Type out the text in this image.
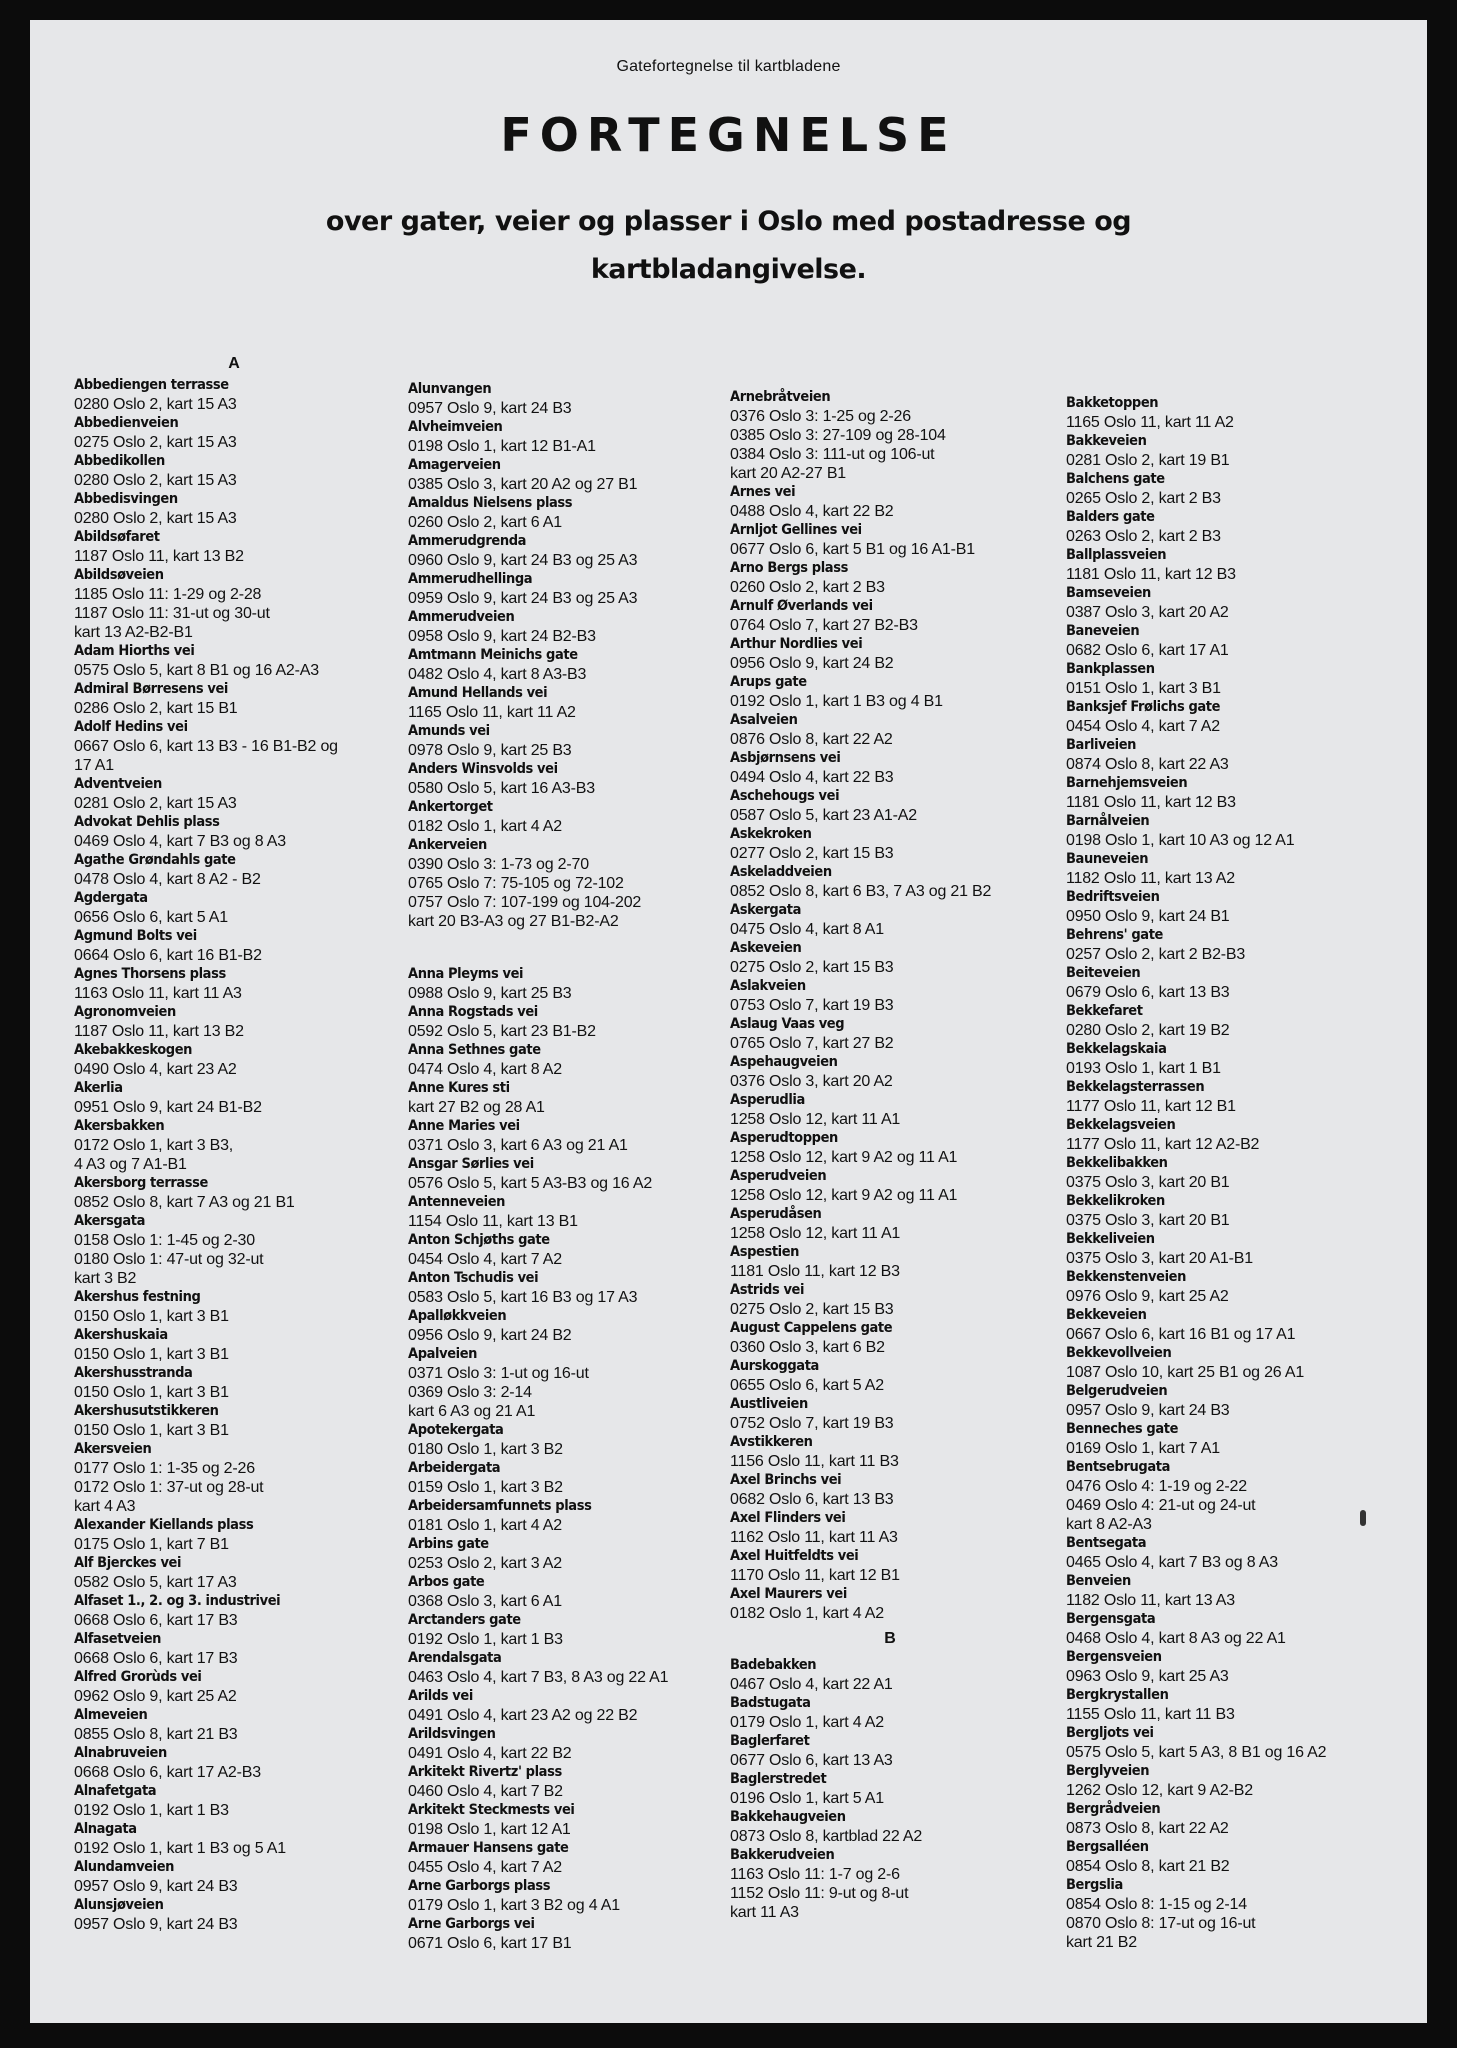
Gatefortegnelse til kartbladene
FORTEGNELSE
over gater, veier og plasser i Oslo med postadresse og
kartbladangivelse.
A
Abbediengen terrasse
0280 Oslo 2, kart 15 A3
Abbedienveien
0275 Oslo 2, kart 15 A3
Abbedikollen
0280 Oslo 2, kart 15 A3
Abbedisvingen
0280 Oslo 2, kart 15 A3
Abildsøfaret
1187 Oslo 11, kart 13 B2
Abildsøveien
1185 Oslo 11: 1-29 og 2-28
1187 Oslo 11: 31-ut og 30-ut
kart 13 A2-B2-B1
Adam Hiorths vei
0575 Oslo 5, kart 8 B1 og 16 A2-A3
Admiral Børresens vei
0286 Oslo 2, kart 15 B1
Adolf Hedins vei
0667 Oslo 6, kart 13 B3 - 16 B1-B2 og
17 A1
Adventveien
0281 Oslo 2, kart 15 A3
Advokat Dehlis plass
0469 Oslo 4, kart 7 B3 og 8 A3
Agathe Grøndahls gate
0478 Oslo 4, kart 8 A2 - B2
Agdergata
0656 Oslo 6, kart 5 A1
Agmund Bolts vei
0664 Oslo 6, kart 16 B1-B2
Agnes Thorsens plass
1163 Oslo 11, kart 11 A3
Agronomveien
1187 Oslo 11, kart 13 B2
Akebakkeskogen
0490 Oslo 4, kart 23 A2
Akerlia
0951 Oslo 9, kart 24 B1-B2
Akersbakken
0172 Oslo 1, kart 3 B3,
4 A3 og 7 A1-B1
Akersborg terrasse
0852 Oslo 8, kart 7 A3 og 21 B1
Akersgata
0158 Oslo 1: 1-45 og 2-30
0180 Oslo 1: 47-ut og 32-ut
kart 3 B2
Akershus festning
0150 Oslo 1, kart 3 B1
Akershuskaia
0150 Oslo 1, kart 3 B1
Akershusstranda
0150 Oslo 1, kart 3 B1
Akershusutstikkeren
0150 Oslo 1, kart 3 B1
Akersveien
0177 Oslo 1: 1-35 og 2-26
0172 Oslo 1: 37-ut og 28-ut
kart 4 A3
Alexander Kiellands plass
0175 Oslo 1, kart 7 B1
Alf Bjerckes vei
0582 Oslo 5, kart 17 A3
Alfaset 1., 2. og 3. industrivei
0668 Oslo 6, kart 17 B3
Alfasetveien
0668 Oslo 6, kart 17 B3
Alfred Grorùds vei
0962 Oslo 9, kart 25 A2
Almeveien
0855 Oslo 8, kart 21 B3
Alnabruveien
0668 Oslo 6, kart 17 A2-B3
Alnafetgata
0192 Oslo 1, kart 1 B3
Alnagata
0192 Oslo 1, kart 1 B3 og 5 A1
Alundamveien
0957 Oslo 9, kart 24 B3
Alunsjøveien
0957 Oslo 9, kart 24 B3
Alunvangen
0957 Oslo 9, kart 24 B3
Alvheimveien
0198 Oslo 1, kart 12 B1-A1
Amagerveien
0385 Oslo 3, kart 20 A2 og 27 B1
Amaldus Nielsens plass
0260 Oslo 2, kart 6 A1
Ammerudgrenda
0960 Oslo 9, kart 24 B3 og 25 A3
Ammerudhellinga
0959 Oslo 9, kart 24 B3 og 25 A3
Ammerudveien
0958 Oslo 9, kart 24 B2-B3
Amtmann Meinichs gate
0482 Oslo 4, kart 8 A3-B3
Amund Hellands vei
1165 Oslo 11, kart 11 A2
Amunds vei
0978 Oslo 9, kart 25 B3
Anders Winsvolds vei
0580 Oslo 5, kart 16 A3-B3
Ankertorget
0182 Oslo 1, kart 4 A2
Ankerveien
0390 Oslo 3: 1-73 og 2-70
0765 Oslo 7: 75-105 og 72-102
0757 Oslo 7: 107-199 og 104-202
kart 20 B3-A3 og 27 B1-B2-A2
Anna Pleyms vei
0988 Oslo 9, kart 25 B3
Anna Rogstads vei
0592 Oslo 5, kart 23 B1-B2
Anna Sethnes gate
0474 Oslo 4, kart 8 A2
Anne Kures sti
kart 27 B2 og 28 A1
Anne Maries vei
0371 Oslo 3, kart 6 A3 og 21 A1
Ansgar Sørlies vei
0576 Oslo 5, kart 5 A3-B3 og 16 A2
Antenneveien
1154 Oslo 11, kart 13 B1
Anton Schjøths gate
0454 Oslo 4, kart 7 A2
Anton Tschudis vei
0583 Oslo 5, kart 16 B3 og 17 A3
Apalløkkveien
0956 Oslo 9, kart 24 B2
Apalveien
0371 Oslo 3: 1-ut og 16-ut
0369 Oslo 3: 2-14
kart 6 A3 og 21 A1
Apotekergata
0180 Oslo 1, kart 3 B2
Arbeidergata
0159 Oslo 1, kart 3 B2
Arbeidersamfunnets plass
0181 Oslo 1, kart 4 A2
Arbins gate
0253 Oslo 2, kart 3 A2
Arbos gate
0368 Oslo 3, kart 6 A1
Arctanders gate
0192 Oslo 1, kart 1 B3
Arendalsgata
0463 Oslo 4, kart 7 B3, 8 A3 og 22 A1
Arilds vei
0491 Oslo 4, kart 23 A2 og 22 B2
Arildsvingen
0491 Oslo 4, kart 22 B2
Arkitekt Rivertz' plass
0460 Oslo 4, kart 7 B2
Arkitekt Steckmests vei
0198 Oslo 1, kart 12 A1
Armauer Hansens gate
0455 Oslo 4, kart 7 A2
Arne Garborgs plass
0179 Oslo 1, kart 3 B2 og 4 A1
Arne Garborgs vei
0671 Oslo 6, kart 17 B1
Arnebråtveien
0376 Oslo 3: 1-25 og 2-26
0385 Oslo 3: 27-109 og 28-104
0384 Oslo 3: 111-ut og 106-ut
kart 20 A2-27 B1
Arnes vei
0488 Oslo 4, kart 22 B2
Arnljot Gellines vei
0677 Oslo 6, kart 5 B1 og 16 A1-B1
Arno Bergs plass
0260 Oslo 2, kart 2 B3
Arnulf Øverlands vei
0764 Oslo 7, kart 27 B2-B3
Arthur Nordlies vei
0956 Oslo 9, kart 24 B2
Arups gate
0192 Oslo 1, kart 1 B3 og 4 B1
Asalveien
0876 Oslo 8, kart 22 A2
Asbjørnsens vei
0494 Oslo 4, kart 22 B3
Aschehougs vei
0587 Oslo 5, kart 23 A1-A2
Askekroken
0277 Oslo 2, kart 15 B3
Askeladdveien
0852 Oslo 8, kart 6 B3, 7 A3 og 21 B2
Askergata
0475 Oslo 4, kart 8 A1
Askeveien
0275 Oslo 2, kart 15 B3
Aslakveien
0753 Oslo 7, kart 19 B3
Aslaug Vaas veg
0765 Oslo 7, kart 27 B2
Aspehaugveien
0376 Oslo 3, kart 20 A2
Asperudlia
1258 Oslo 12, kart 11 A1
Asperudtoppen
1258 Oslo 12, kart 9 A2 og 11 A1
Asperudveien
1258 Oslo 12, kart 9 A2 og 11 A1
Asperudåsen
1258 Oslo 12, kart 11 A1
Aspestien
1181 Oslo 11, kart 12 B3
Astrids vei
0275 Oslo 2, kart 15 B3
August Cappelens gate
0360 Oslo 3, kart 6 B2
Aurskoggata
0655 Oslo 6, kart 5 A2
Austliveien
0752 Oslo 7, kart 19 B3
Avstikkeren
1156 Oslo 11, kart 11 B3
Axel Brinchs vei
0682 Oslo 6, kart 13 B3
Axel Flinders vei
1162 Oslo 11, kart 11 A3
Axel Huitfeldts vei
1170 Oslo 11, kart 12 B1
Axel Maurers vei
0182 Oslo 1, kart 4 A2
B
Badebakken
0467 Oslo 4, kart 22 A1
Badstugata
0179 Oslo 1, kart 4 A2
Baglerfaret
0677 Oslo 6, kart 13 A3
Baglerstredet
0196 Oslo 1, kart 5 A1
Bakkehaugveien
0873 Oslo 8, kartblad 22 A2
Bakkerudveien
1163 Oslo 11: 1-7 og 2-6
1152 Oslo 11: 9-ut og 8-ut
kart 11 A3
Bakketoppen
1165 Oslo 11, kart 11 A2
Bakkeveien
0281 Oslo 2, kart 19 B1
Balchens gate
0265 Oslo 2, kart 2 B3
Balders gate
0263 Oslo 2, kart 2 B3
Ballplassveien
1181 Oslo 11, kart 12 B3
Bamseveien
0387 Oslo 3, kart 20 A2
Baneveien
0682 Oslo 6, kart 17 A1
Bankplassen
0151 Oslo 1, kart 3 B1
Banksjef Frølichs gate
0454 Oslo 4, kart 7 A2
Barliveien
0874 Oslo 8, kart 22 A3
Barnehjemsveien
1181 Oslo 11, kart 12 B3
Barnålveien
0198 Oslo 1, kart 10 A3 og 12 A1
Bauneveien
1182 Oslo 11, kart 13 A2
Bedriftsveien
0950 Oslo 9, kart 24 B1
Behrens' gate
0257 Oslo 2, kart 2 B2-B3
Beiteveien
0679 Oslo 6, kart 13 B3
Bekkefaret
0280 Oslo 2, kart 19 B2
Bekkelagskaia
0193 Oslo 1, kart 1 B1
Bekkelagsterrassen
1177 Oslo 11, kart 12 B1
Bekkelagsveien
1177 Oslo 11, kart 12 A2-B2
Bekkelibakken
0375 Oslo 3, kart 20 B1
Bekkelikroken
0375 Oslo 3, kart 20 B1
Bekkeliveien
0375 Oslo 3, kart 20 A1-B1
Bekkenstenveien
0976 Oslo 9, kart 25 A2
Bekkeveien
0667 Oslo 6, kart 16 B1 og 17 A1
Bekkevollveien
1087 Oslo 10, kart 25 B1 og 26 A1
Belgerudveien
0957 Oslo 9, kart 24 B3
Benneches gate
0169 Oslo 1, kart 7 A1
Bentsebrugata
0476 Oslo 4: 1-19 og 2-22
0469 Oslo 4: 21-ut og 24-ut
kart 8 A2-A3
Bentsegata
0465 Oslo 4, kart 7 B3 og 8 A3
Benveien
1182 Oslo 11, kart 13 A3
Bergensgata
0468 Oslo 4, kart 8 A3 og 22 A1
Bergensveien
0963 Oslo 9, kart 25 A3
Bergkrystallen
1155 Oslo 11, kart 11 B3
Bergljots vei
0575 Oslo 5, kart 5 A3, 8 B1 og 16 A2
Berglyveien
1262 Oslo 12, kart 9 A2-B2
Bergrådveien
0873 Oslo 8, kart 22 A2
Bergsalléen
0854 Oslo 8, kart 21 B2
Bergslia
0854 Oslo 8: 1-15 og 2-14
0870 Oslo 8: 17-ut og 16-ut
kart 21 B2
